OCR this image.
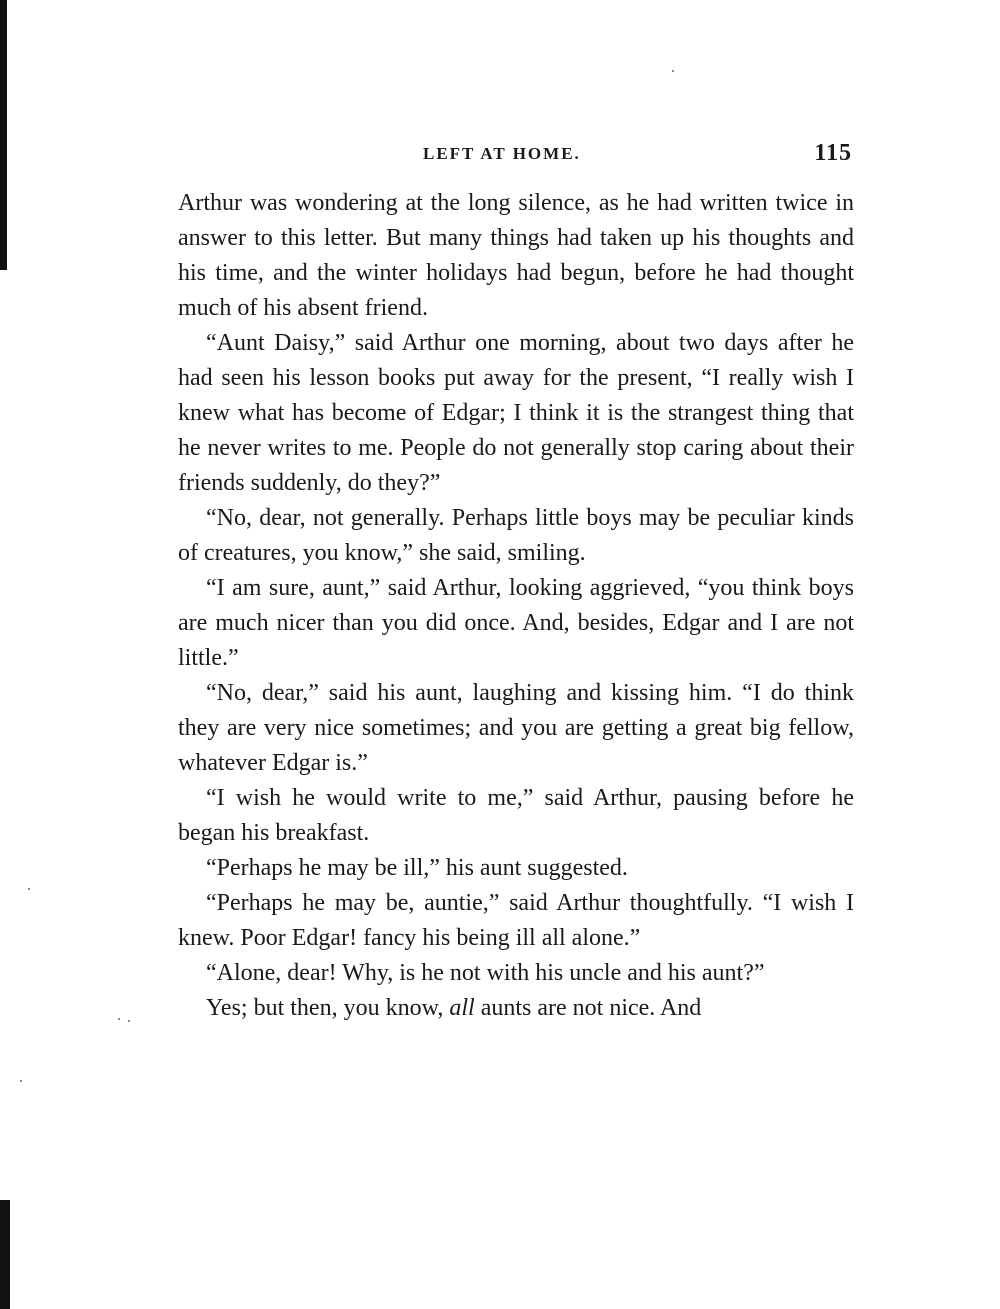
LEFT AT HOME.	115

Arthur was wondering at the long silence, as he had written twice in answer to this letter. But many things had taken up his thoughts and his time, and the winter holidays had begun, before he had thought much of his absent friend.

“Aunt Daisy,” said Arthur one morning, about two days after he had seen his lesson books put away for the present, “I really wish I knew what has become of Edgar; I think it is the strangest thing that he never writes to me. People do not generally stop caring about their friends suddenly, do they?”

“No, dear, not generally. Perhaps little boys may be peculiar kinds of creatures, you know,” she said, smiling.

“I am sure, aunt,” said Arthur, looking aggrieved, “you think boys are much nicer than you did once. And, besides, Edgar and I are not little.”

“No, dear,” said his aunt, laughing and kissing him. “I do think they are very nice sometimes; and you are getting a great big fellow, whatever Edgar is.”

“I wish he would write to me,” said Arthur, pausing before he began his breakfast.

“Perhaps he may be ill,” his aunt suggested.

“Perhaps he may be, auntie,” said Arthur thoughtfully. “I wish I knew. Poor Edgar! fancy his being ill all alone.”

“Alone, dear! Why, is he not with his uncle and his aunt?”

Yes; but then, you know, all aunts are not nice. And
